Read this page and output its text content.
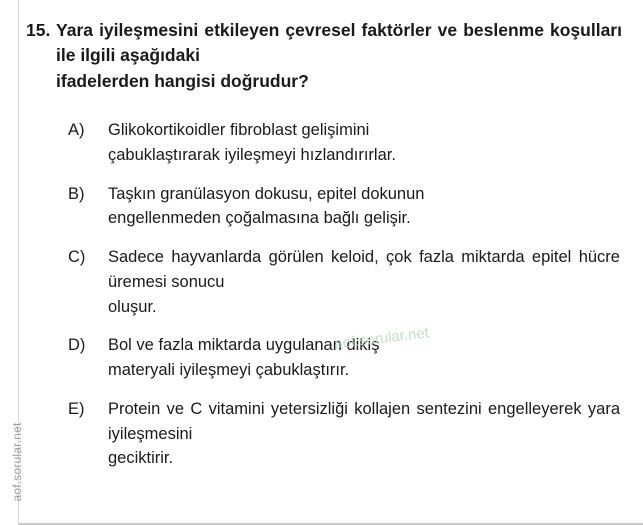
aof.sorular.net
15. Yara iyileşmesini etkileyen çevresel faktörler ve beslenme koşulları ile ilgili aşağıdaki
ifadelerden hangisi doğrudur?
A)	Glikokortikoidler fibroblast gelişimini
çabuklaştırarak iyileşmeyi hızlandırırlar.
B)	Taşkın granülasyon dokusu, epitel dokunun
engellenmeden çoğalmasına bağlı gelişir.
C)	Sadece hayvanlarda görülen keloid, çok fazla miktarda epitel hücre üremesi sonucu
oluşur.
D)	Bol ve fazla miktarda uygulanan dikiş
materyali iyileşmeyi çabuklaştırır.
E)	Protein ve C vitamini yetersizliği kollajen sentezini engelleyerek yara iyileşmesini
geciktirir.
aof.sorular.net
